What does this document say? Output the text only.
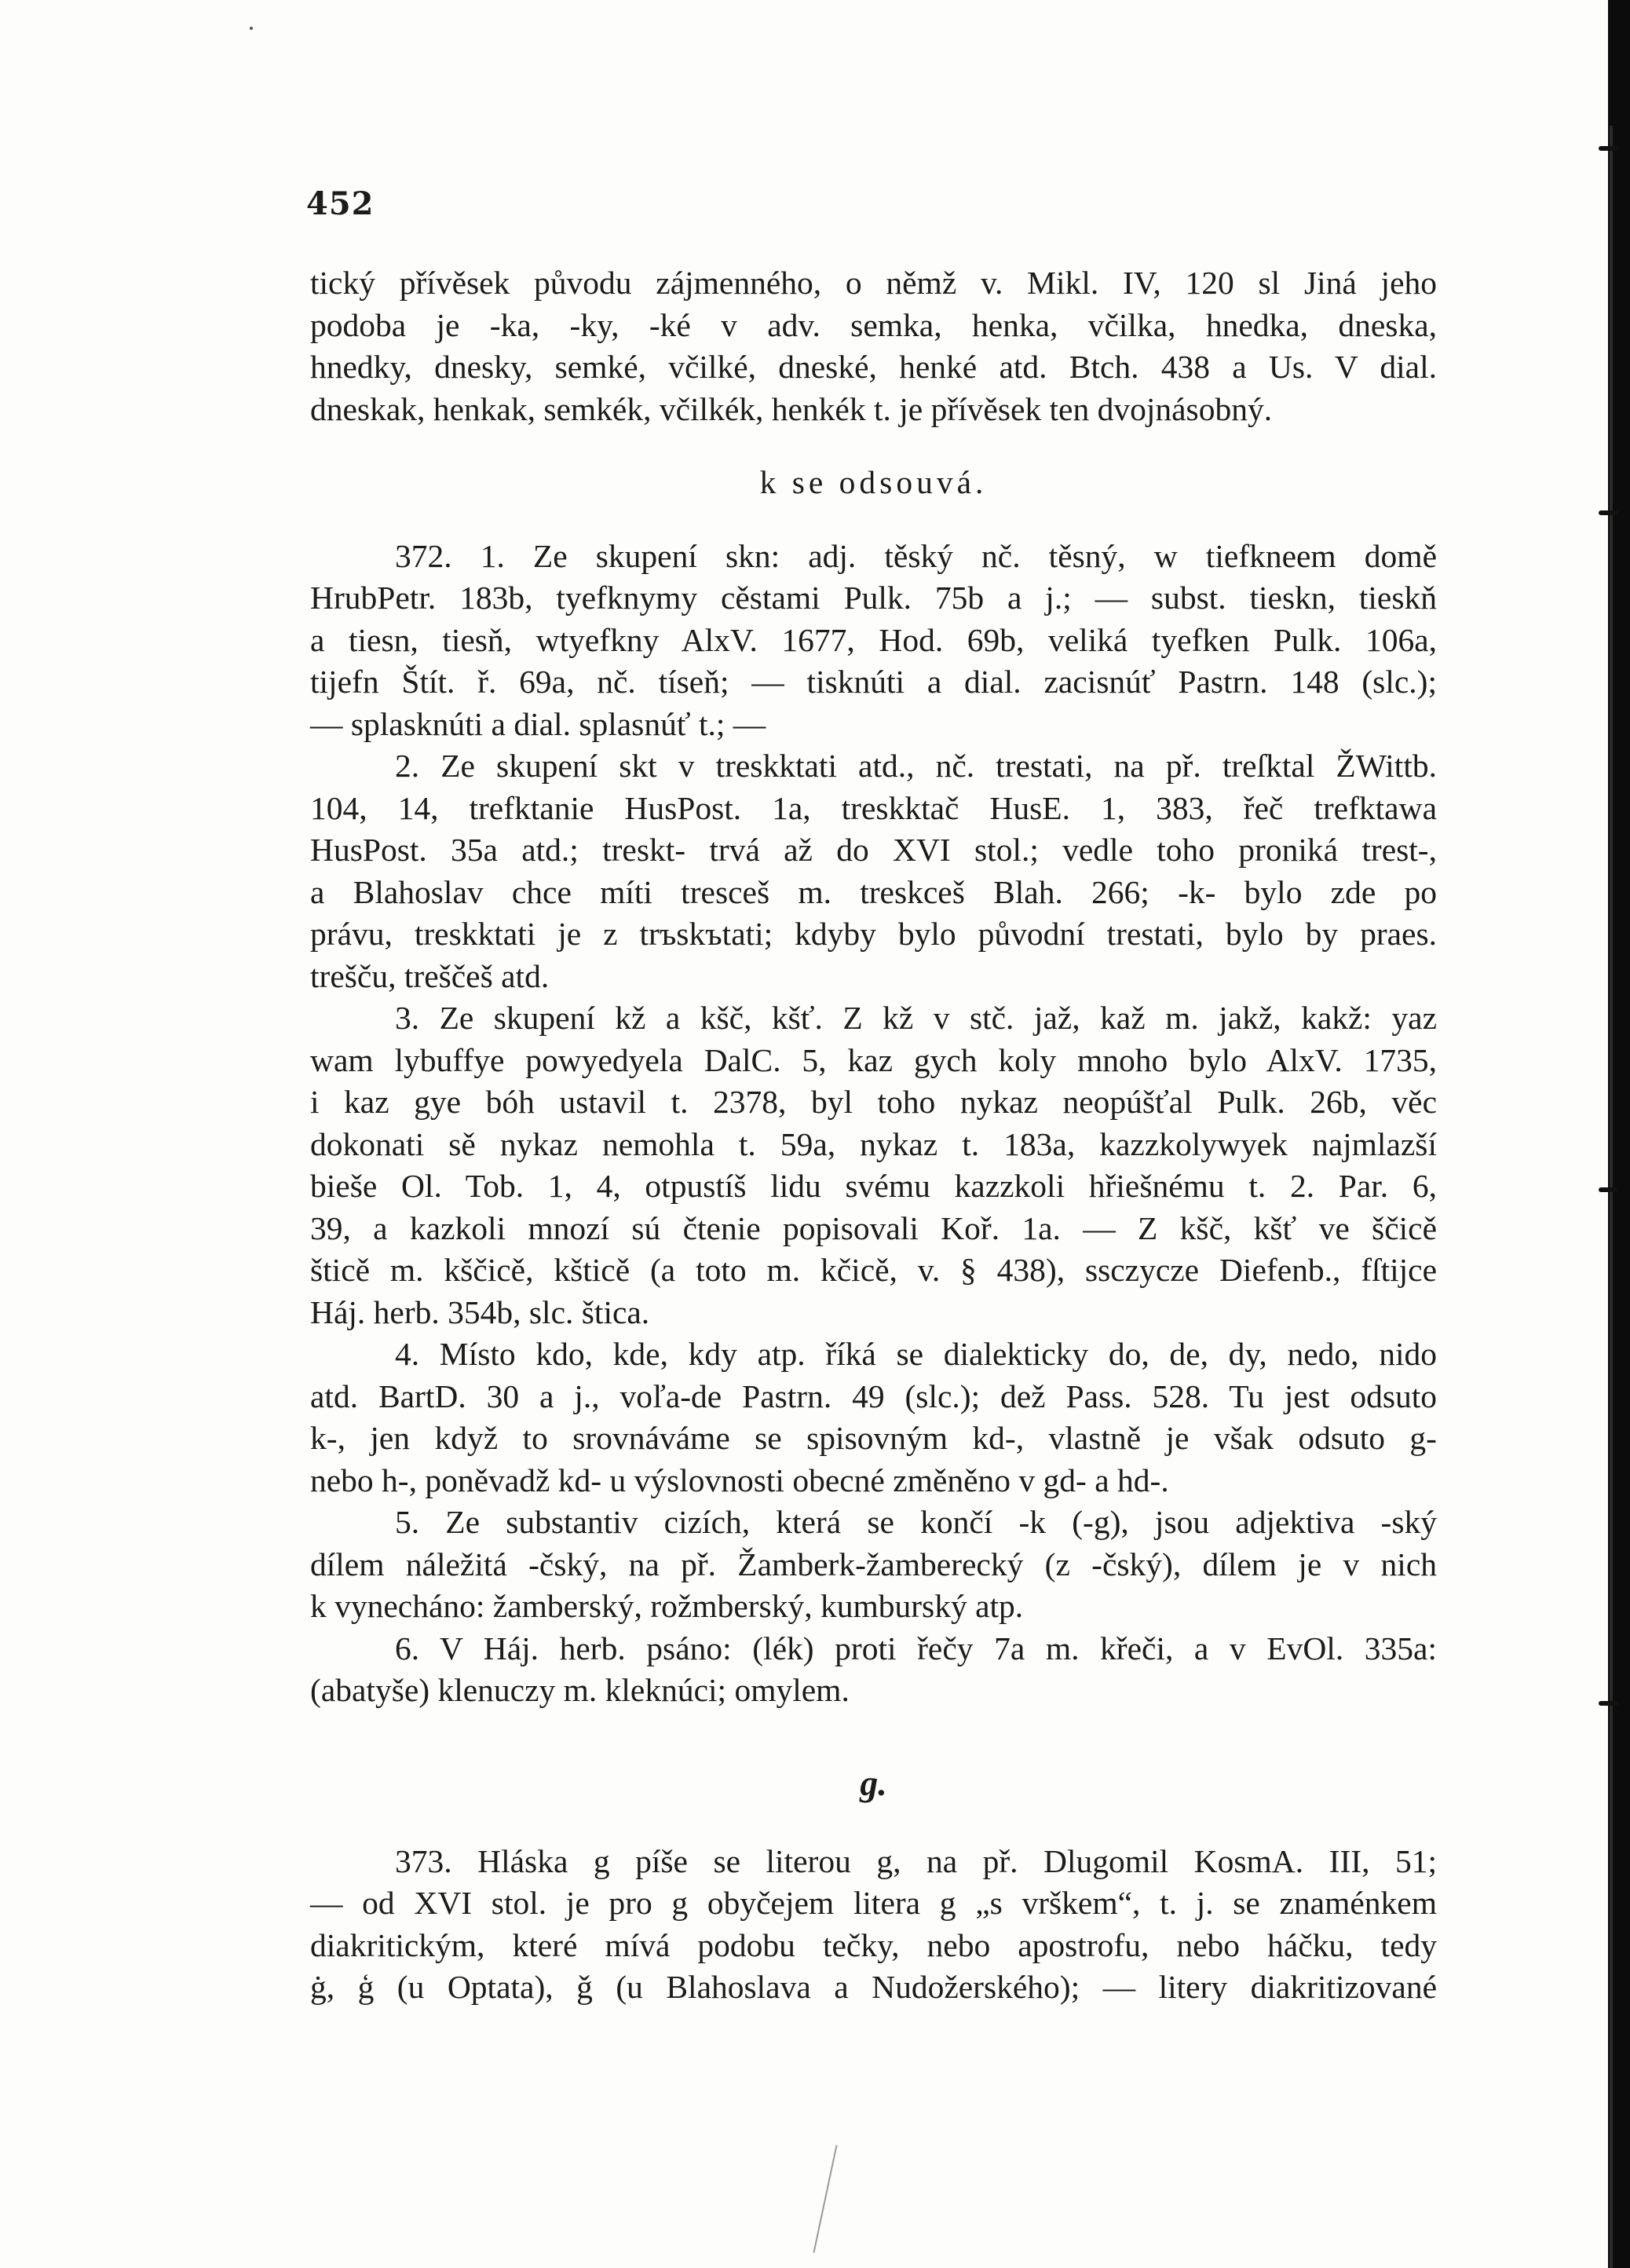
452
tický přívěsek původu zájmenného, o němž v. Mikl. IV, 120 sl Jiná jeho
podoba je -ka, -ky, -ké v adv. semka, henka, včilka, hnedka, dneska,
hnedky, dnesky, semké, včilké, dneské, henké atd. Btch. 438 a Us. V dial.
dneskak, henkak, semkék, včilkék, henkék t. je přívěsek ten dvojnásobný.
k se odsouvá.
372. 1. Ze skupení skn: adj. těský nč. těsný, w tiefkneem domě
HrubPetr. 183b, tyefknymy cěstami Pulk. 75b a j.; — subst. tieskn, tieskň
a tiesn, tiesň, wtyefkny AlxV. 1677, Hod. 69b, veliká tyefken Pulk. 106a,
tijefn Štít. ř. 69a, nč. tíseň; — tisknúti a dial. zacisnúť Pastrn. 148 (slc.);
— splasknúti a dial. splasnúť t.; —
2. Ze skupení skt v treskktati atd., nč. trestati, na př. treſktal ŽWittb.
104, 14, trefktanie HusPost. 1a, treskktač HusE. 1, 383, řeč trefktawa
HusPost. 35a atd.; treskt- trvá až do XVI stol.; vedle toho proniká trest-,
a Blahoslav chce míti tresceš m. treskceš Blah. 266; -k- bylo zde po
právu, treskktati je z trъskъtati; kdyby bylo původní trestati, bylo by praes.
trešču, trеščeš atd.
3. Ze skupení kž a kšč, kšť. Z kž v stč. jaž, kaž m. jakž, kakž: yaz
wam lybuffye powyedyela DalC. 5, kaz gych koly mnoho bylo AlxV. 1735,
i kaz gye bóh ustavil t. 2378, byl toho nykaz neopúšťal Pulk. 26b, věc
dokonati sě nykaz nemohla t. 59a, nykaz t. 183a, kazzkolywyek najmlazší
bieše Ol. Tob. 1, 4, otpustíš lidu svému kazzkoli hřiešnému t. 2. Par. 6,
39, a kazkoli mnozí sú čtenie popisovali Koř. 1a. — Z kšč, kšť ve ščicě
šticě m. kščicě, kšticě (a toto m. kčicě, v. § 438), ssczycze Diefenb., fſtijce
Háj. herb. 354b, slc. štica.
4. Místo kdo, kde, kdy atp. říká se dialekticky do, de, dy, nedo, nido
atd. BartD. 30 a j., voľa-de Pastrn. 49 (slc.); dež Pass. 528. Tu jest odsuto
k-, jen když to srovnáváme se spisovným kd-, vlastně je však odsuto g-
nebo h-, poněvadž kd- u výslovnosti obecné změněno v gd- a hd-.
5. Ze substantiv cizích, která se končí -k (-g), jsou adjektiva -ský
dílem náležitá -čský, na př. Žamberk-žamberecký (z -čský), dílem je v nich
k vynecháno: žamberský, rožmberský, kumburský atp.
6. V Háj. herb. psáno: (lék) proti řečy 7a m. křeči, a v EvOl. 335a:
(abatyše) klenuczy m. kleknúci; omylem.
g.
373. Hláska g píše se literou g, na př. Dlugomil KosmA. III, 51;
— od XVI stol. je pro g obyčejem litera g „s vrškem“, t. j. se znaménkem
diakritickým, které mívá podobu tečky, nebo apostrofu, nebo háčku, tedy
ġ, ģ (u Optata), ǧ (u Blahoslava a Nudožerského); — litery diakritizované
